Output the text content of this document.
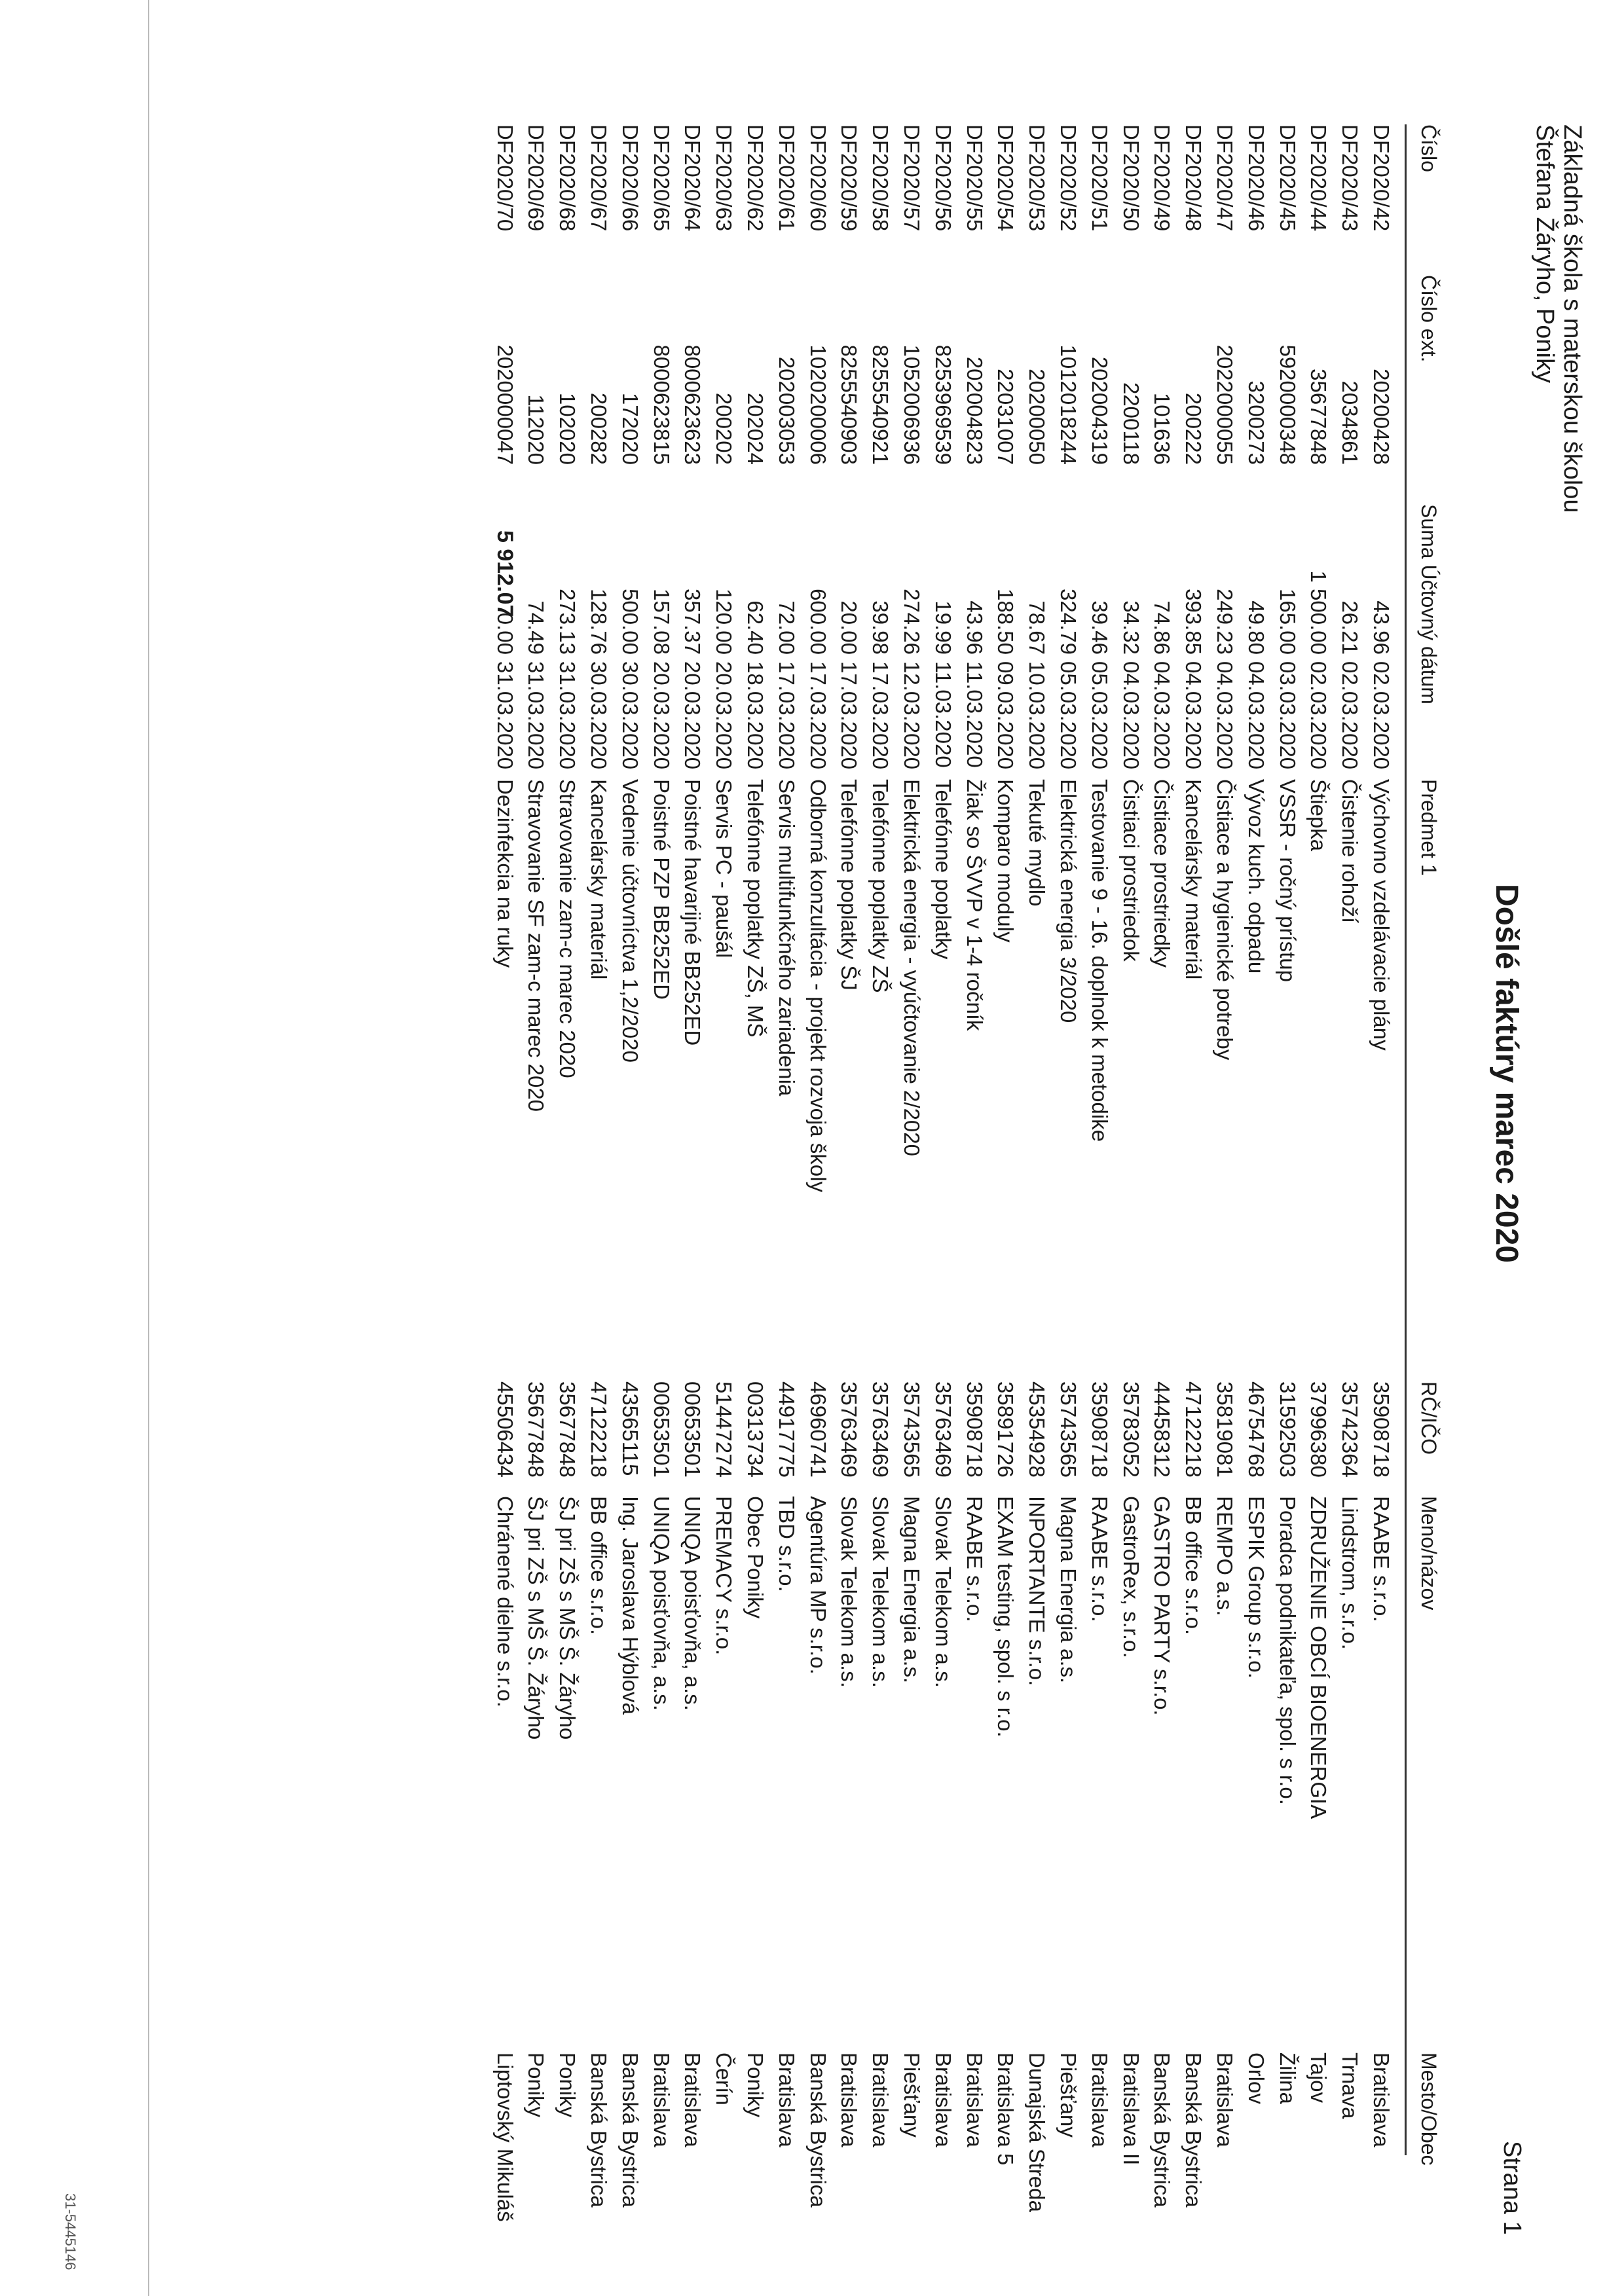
Základná škola s materskou školou
Štefana Žáryho, Poniky
Došlé faktúry marec 2020
Strana 1
Číslo
Číslo ext.
Suma Účtovný dátum
Predmet 1
RČ/IČO
Meno/názov
Mesto/Obec
DF2020/42
20200428
43.96
02.03.2020
Výchovno vzdelávacie plány
35908718
RAABE s.r.o.
Bratislava
DF2020/43
2034861
26.21
02.03.2020
Čistenie rohoží
35742364
Lindstrom, s.r.o.
Trnava
DF2020/44
35677848
1 500.00
02.03.2020
Štiepka
37996380
ZDRUŽENIE OBCÍ BIOENERGIA
Tajov
DF2020/45
5920000348
165.00
03.03.2020
VSSR - ročný prístup
31592503
Poradca podnikateľa, spol. s r.o.
Žilina
DF2020/46
3200273
49.80
04.03.2020
Vývoz kuch. odpadu
46754768
ESPIK Group s.r.o.
Orlov
DF2020/47
2022000055
249.23
04.03.2020
Čistiace a hygienické potreby
35819081
REMPO a.s.
Bratislava
DF2020/48
200222
393.85
04.03.2020
Kancelársky materiál
47122218
BB office s.r.o.
Banská Bystrica
DF2020/49
101636
74.86
04.03.2020
Čistiace prostriedky
44458312
GASTRO PARTY s.r.o.
Banská Bystrica
DF2020/50
2200118
34.32
04.03.2020
Čistiaci prostriedok
35783052
GastroRex, s.r.o.
Bratislava II
DF2020/51
202004319
39.46
05.03.2020
Testovanie 9 - 16. doplnok k metodike
35908718
RAABE s.r.o.
Bratislava
DF2020/52
1012018244
324.79
05.03.2020
Elektrická energia 3/2020
35743565
Magna Energia a.s.
Piešťany
DF2020/53
20200050
78.67
10.03.2020
Tekuté mydlo
45354928
INPORTANTE s.r.o.
Dunajská Streda
DF2020/54
22031007
188.50
09.03.2020
Komparo moduly
35891726
EXAM testing, spol. s r.o.
Bratislava 5
DF2020/55
202004823
43.96
11.03.2020
Žiak so ŠVVP v 1-4 ročník
35908718
RAABE s.r.o.
Bratislava
DF2020/56
8253969539
19.99
11.03.2020
Telefónne poplatky
35763469
Slovak Telekom a.s.
Bratislava
DF2020/57
1052006936
274.26
12.03.2020
Elektrická energia - vyúčtovanie 2/2020
35743565
Magna Energia a.s.
Piešťany
DF2020/58
8255540921
39.98
17.03.2020
Telefónne poplatky ZŠ
35763469
Slovak Telekom a.s.
Bratislava
DF2020/59
8255540903
20.00
17.03.2020
Telefónne poplatky ŠJ
35763469
Slovak Telekom a.s.
Bratislava
DF2020/60
1020200006
600.00
17.03.2020
Odborná konzultácia - projekt rozvoja školy
46960741
Agentúra MP s.r.o.
Banská Bystrica
DF2020/61
202003053
72.00
17.03.2020
Servis multifunkčného zariadenia
44917775
TBD s.r.o.
Bratislava
DF2020/62
202024
62.40
18.03.2020
Telefónne poplatky ZŠ, MŠ
00313734
Obec Poniky
Poniky
DF2020/63
200202
120.00
20.03.2020
Servis PC - paušál
51447274
PREMACY s.r.o.
Čerín
DF2020/64
8000623623
357.37
20.03.2020
Poistné havarijné BB252ED
00653501
UNIQA poisťovňa, a.s.
Bratislava
DF2020/65
8000623815
157.08
20.03.2020
Poistné PZP BB252ED
00653501
UNIQA poisťovňa, a.s.
Bratislava
DF2020/66
172020
500.00
30.03.2020
Vedenie účtovníctva 1,2/2020
43565115
Ing. Jaroslava Hýblová
Banská Bystrica
DF2020/67
200282
128.76
30.03.2020
Kancelársky materiál
47122218
BB office s.r.o.
Banská Bystrica
DF2020/68
102020
273.13
31.03.2020
Stravovanie zam-c marec 2020
35677848
ŠJ pri ZŠ s MŠ Š. Žáryho
Poniky
DF2020/69
112020
74.49
31.03.2020
Stravovanie SF zam-c marec 2020
35677848
ŠJ pri ZŠ s MŠ Š. Žáryho
Poniky
DF2020/70
2020000047
0.00
31.03.2020
Dezinfekcia na ruky
45506434
Chránené dielne s.r.o.
Liptovský Mikuláš
5 912.07
31-5445146
